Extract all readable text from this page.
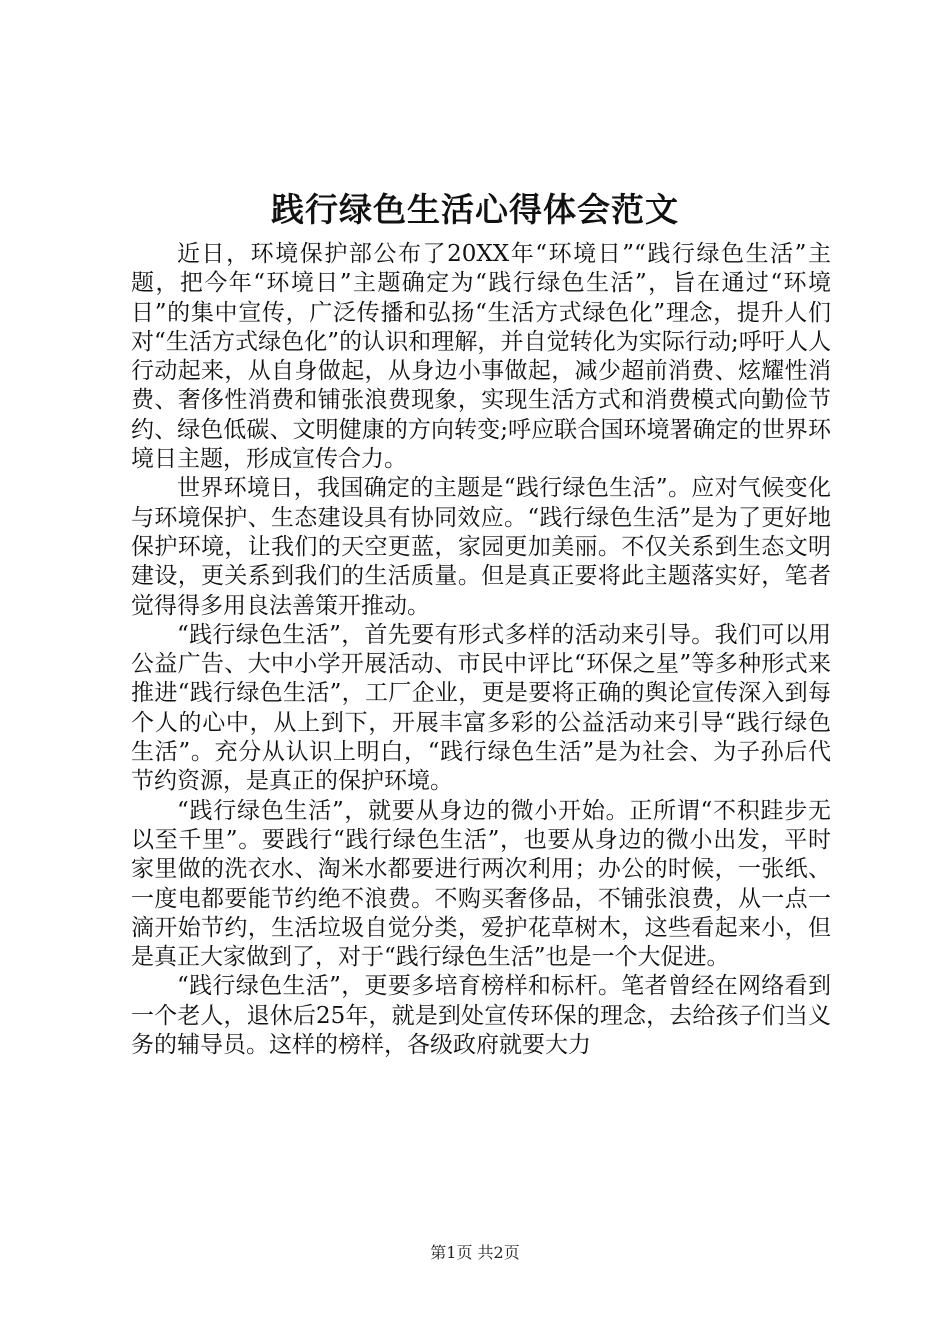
践行绿色生活心得体会范文

近日，环境保护部公布了20XX年“环境日”“践行绿色生活”主题，把今年“环境日”主题确定为“践行绿色生活”，旨在通过“环境日”的集中宣传，广泛传播和弘扬“生活方式绿色化”理念，提升人们对“生活方式绿色化”的认识和理解，并自觉转化为实际行动;呼吁人人行动起来，从自身做起，从身边小事做起，减少超前消费、炫耀性消费、奢侈性消费和铺张浪费现象，实现生活方式和消费模式向勤俭节约、绿色低碳、文明健康的方向转变;呼应联合国环境署确定的世界环境日主题，形成宣传合力。

世界环境日，我国确定的主题是“践行绿色生活”。应对气候变化与环境保护、生态建设具有协同效应。“践行绿色生活”是为了更好地保护环境，让我们的天空更蓝，家园更加美丽。不仅关系到生态文明建设，更关系到我们的生活质量。但是真正要将此主题落实好，笔者觉得得多用良法善策开推动。

“践行绿色生活”，首先要有形式多样的活动来引导。我们可以用公益广告、大中小学开展活动、市民中评比“环保之星”等多种形式来推进“践行绿色生活”，工厂企业，更是要将正确的舆论宣传深入到每个人的心中，从上到下，开展丰富多彩的公益活动来引导“践行绿色生活”。充分从认识上明白，“践行绿色生活”是为社会、为子孙后代节约资源，是真正的保护环境。

“践行绿色生活”，就要从身边的微小开始。正所谓“不积跬步无以至千里”。要践行“践行绿色生活”，也要从身边的微小出发，平时家里做的洗衣水、淘米水都要进行两次利用；办公的时候，一张纸、一度电都要能节约绝不浪费。不购买奢侈品，不铺张浪费，从一点一滴开始节约，生活垃圾自觉分类，爱护花草树木，这些看起来小，但是真正大家做到了，对于“践行绿色生活”也是一个大促进。

“践行绿色生活”，更要多培育榜样和标杆。笔者曾经在网络看到一个老人，退休后25年，就是到处宣传环保的理念，去给孩子们当义务的辅导员。这样的榜样，各级政府就要大力

第1页 共2页
